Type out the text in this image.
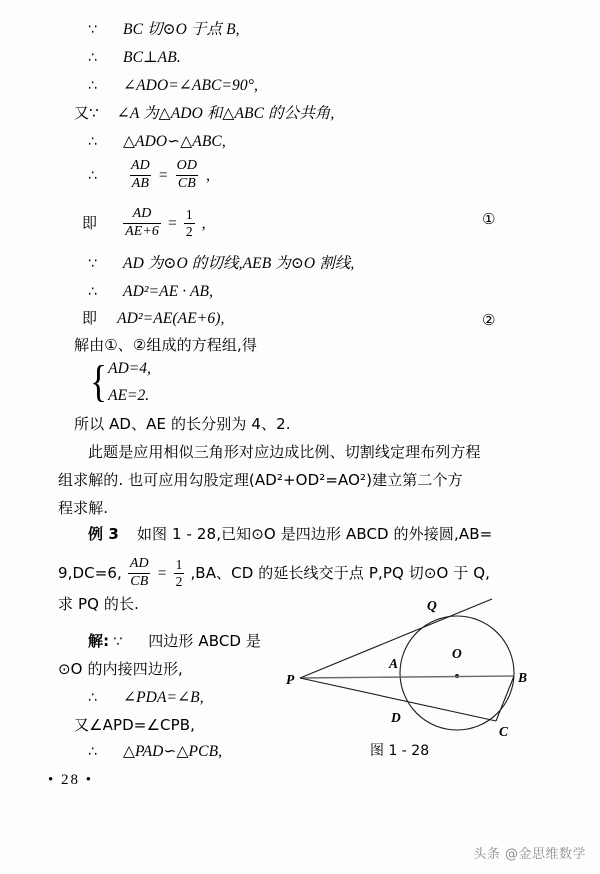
∵ BC 切⊙O 于点 B,
∴ BC⊥AB.
∴ ∠ADO=∠ABC=90°,
又∵ ∠A 为△ADO 和△ABC 的公共角,
∴ △ADO∽△ABC,
∴ $\frac{AD}{AB} = \frac{OD}{CB}$ ,
即 $\frac{AD}{AE+6} = \frac{1}{2}$ ,	①
∵ AD 为⊙O 的切线,AEB 为⊙O 割线,
∴ AD²=AE · AB,
即 AD²=AE(AE+6),	②
解由①、②组成的方程组,得
{ AD=4,
AE=2.
所以 AD、AE 的长分别为 4、2.
此题是应用相似三角形对应边成比例、切割线定理布列方程
组求解的. 也可应用勾股定理(AD²+OD²=AO²)建立第二个方
程求解.
例 3 如图 1 - 28,已知⊙O 是四边形 ABCD 的外接圆,AB=
9,DC=6, $\frac{AD}{CB} = \frac{1}{2} ,BA$、CD 的延长线交于点 P,PQ 切⊙O 于 Q,
求 PQ 的长.
解: ∵ 四边形 ABCD 是
⊙O 的内接四边形,
∴ ∠PDA=∠B,
又∠APD=∠CPB,
∴ △PAD∽△PCB,
P
Q
O
A
B
C
D
图 1 - 28
• 28 •
头条 @金思维数学
